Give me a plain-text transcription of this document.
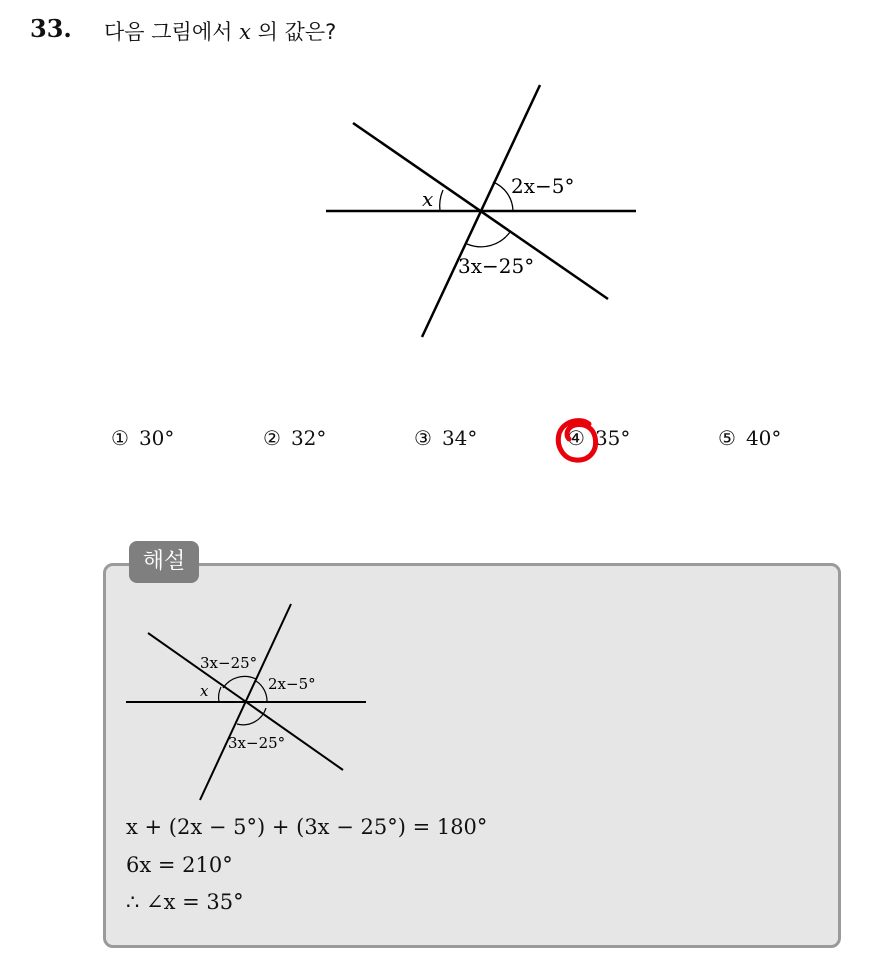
33. 다음 그림에서 x 의 값은?
x
2x−5°
3x−25°
① 30°	② 32°	③ 34°	④ 35°	⑤ 40°
해설
x
3x−25°
2x−5°
3x−25°
x + (2x − 5°) + (3x − 25°) = 180°
6x = 210°
∴ ∠x = 35°
